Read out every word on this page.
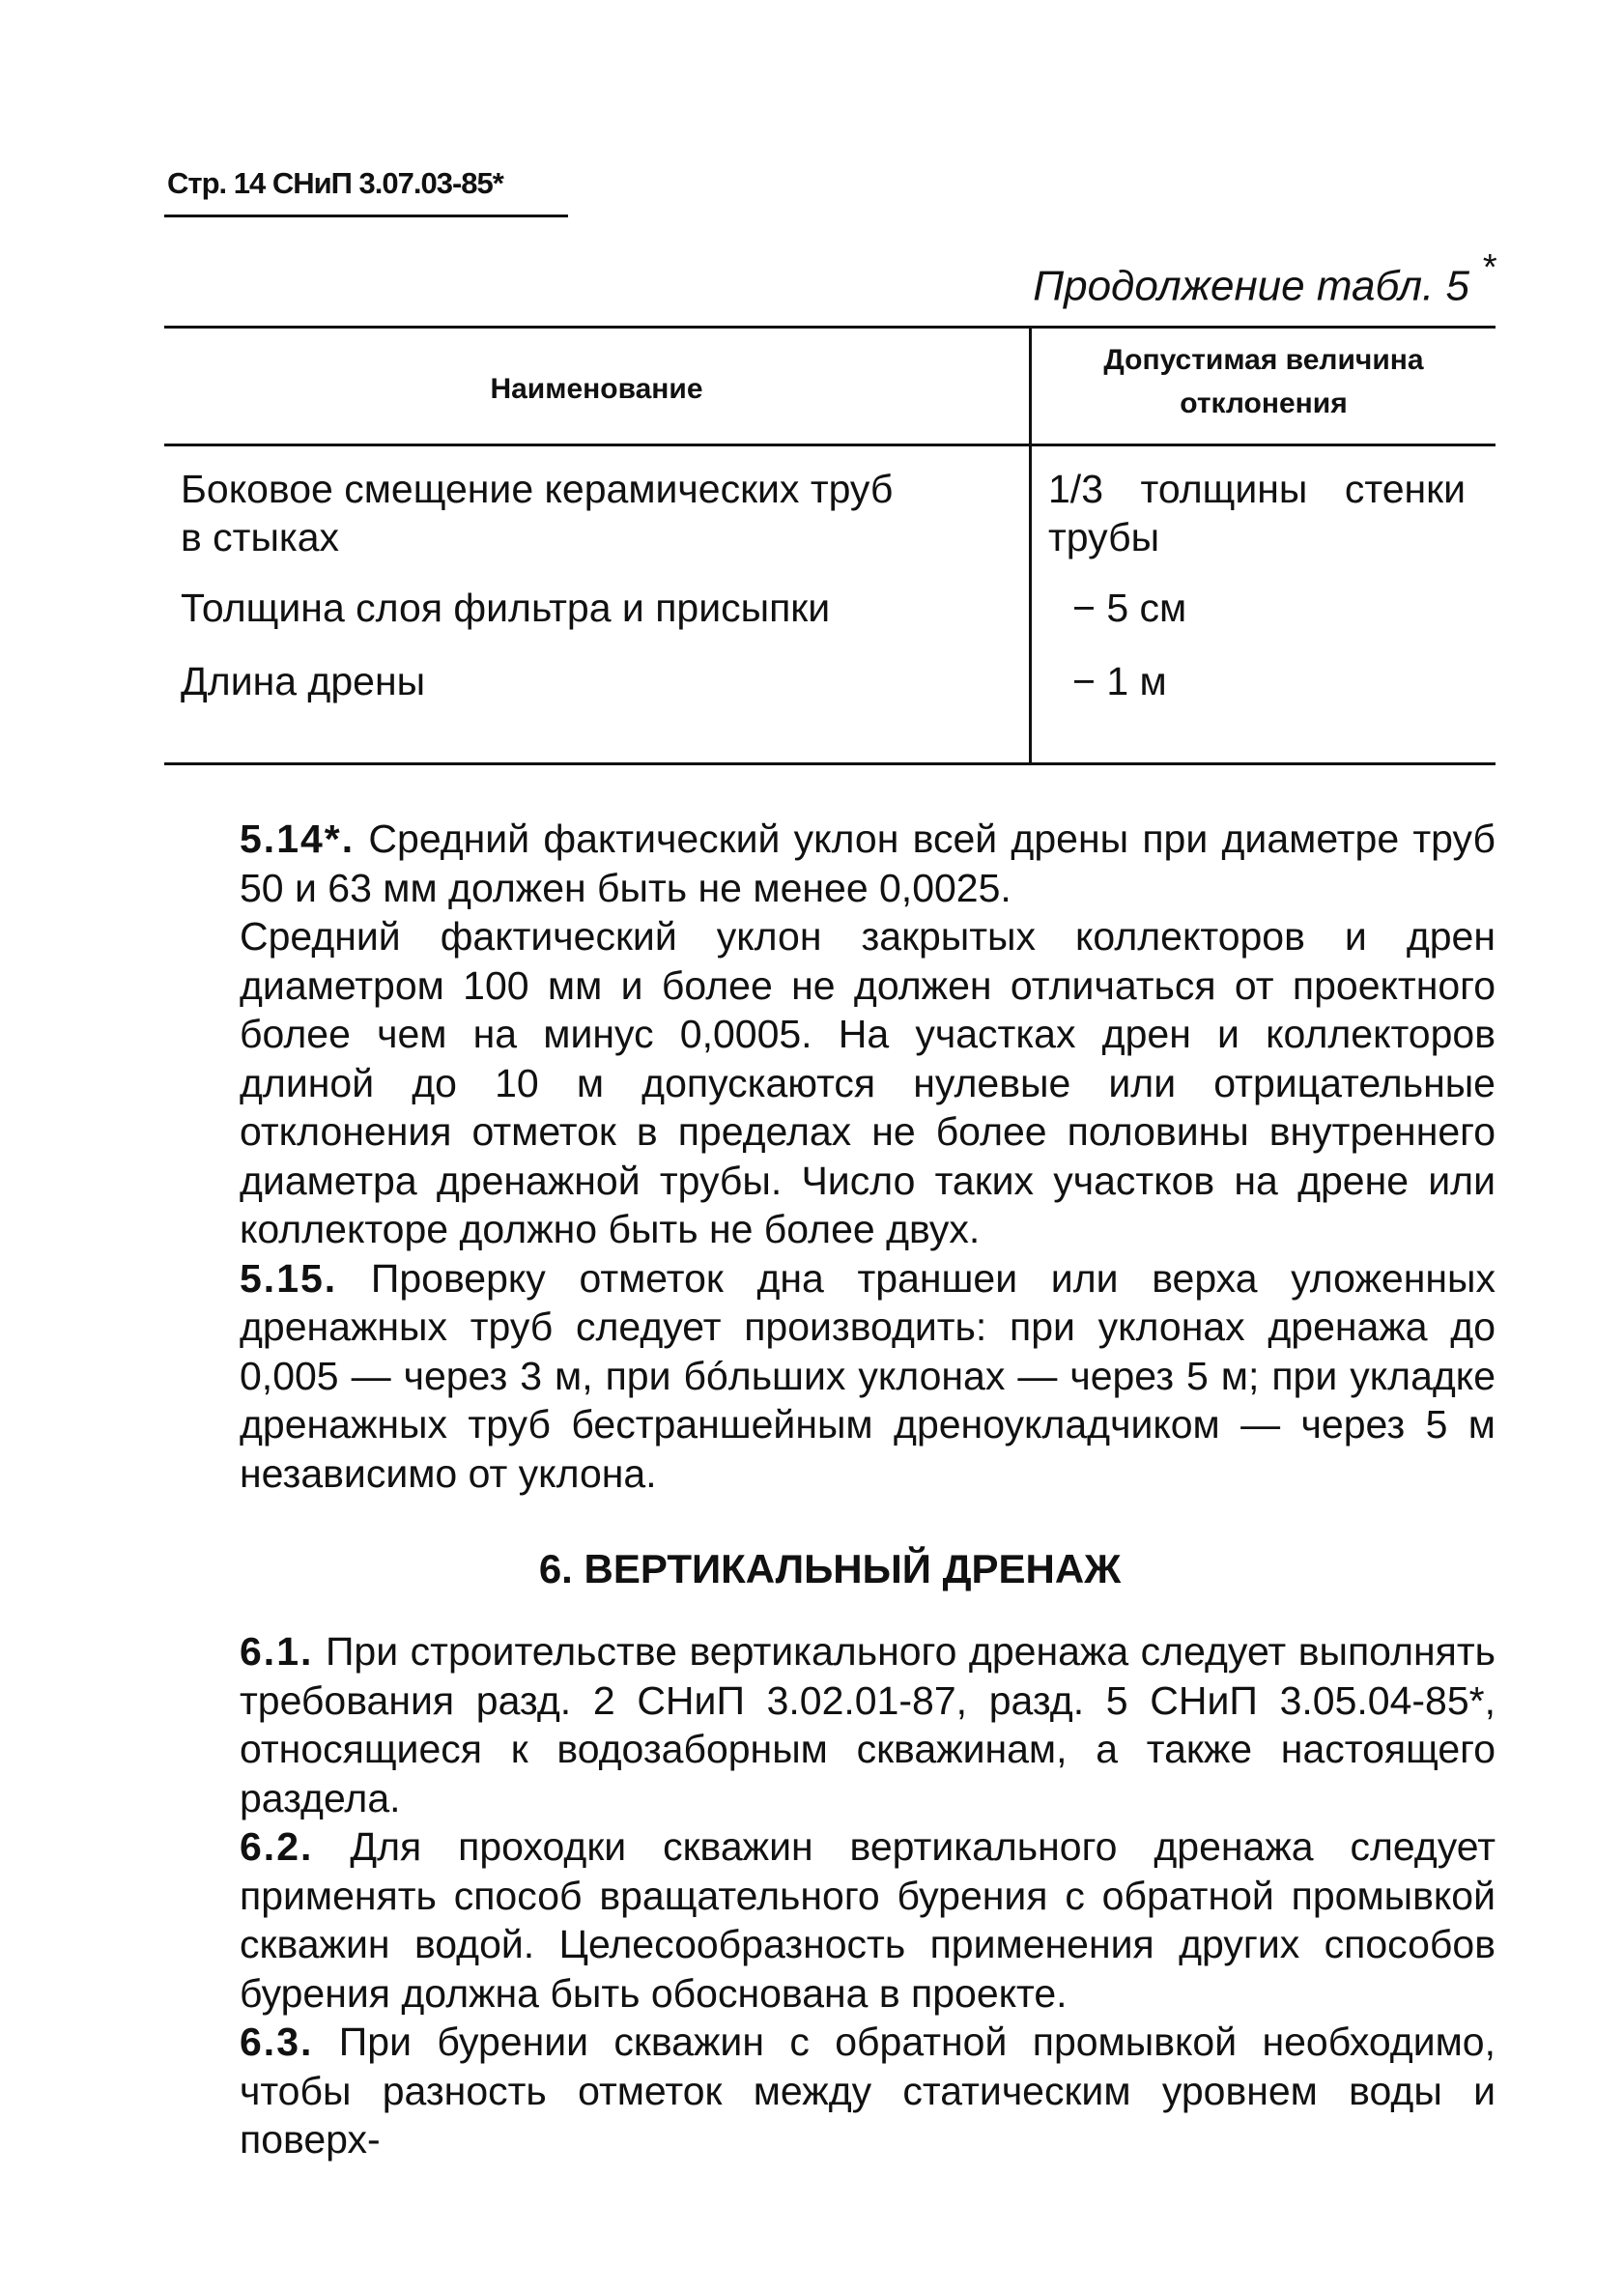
Стр. 14 СНиП 3.07.03-85*
Продолжение табл. 5 *
Наименование
Допустимая величина
отклонения
Боковое смещение керамических труб
в стыках
1/3 толщины стенки
трубы
Толщина слоя фильтра и присыпки	− 5 см
Длина дрены	− 1 м

5.14*. Средний фактический уклон всей дрены при диаметре труб 50 и 63 мм должен быть не менее 0,0025.

Средний фактический уклон закрытых коллекторов и дрен диаметром 100 мм и более не должен отличаться от проектного более чем на минус 0,0005. На участках дрен и коллекторов длиной до 10 м допускаются нулевые или отрицательные отклонения отметок в пределах не более половины внутреннего диаметра дренажной трубы. Число таких участков на дрене или коллекторе должно быть не более двух.

5.15. Проверку отметок дна траншеи или верха уложенных дренажных труб следует производить: при уклонах дренажа до 0,005 — через 3 м, при бóльших уклонах — через 5 м; при укладке дренажных труб бестраншейным дреноукладчиком — через 5 м независимо от уклона.

6. ВЕРТИКАЛЬНЫЙ ДРЕНАЖ

6.1. При строительстве вертикального дренажа следует выполнять требования разд. 2 СНиП 3.02.01-87, разд. 5 СНиП 3.05.04-85*, относящиеся к водозаборным скважинам, а также настоящего раздела.

6.2. Для проходки скважин вертикального дренажа следует применять способ вращательного бурения с обратной промывкой скважин водой. Целесообразность применения других способов бурения должна быть обоснована в проекте.

6.3. При бурении скважин с обратной промывкой необходимо, чтобы разность отметок между статическим уровнем воды и поверх-
